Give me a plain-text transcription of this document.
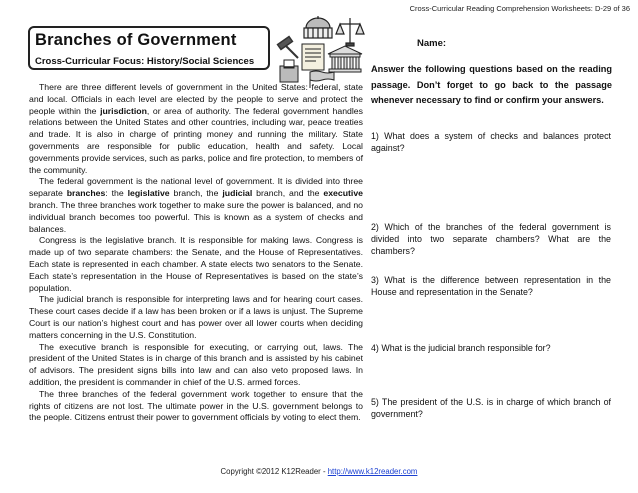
Cross-Curricular Reading Comprehension Worksheets: D-29 of 36
Branches of Government
Cross-Curricular Focus: History/Social Sciences

There are three different levels of government in the United States: federal, state and local. Officials in each level are elected by the people to serve and protect the people within the jurisdiction, or area of authority. The federal government handles relations between the United States and other countries, including war, peace treaties and trade. It is also in charge of printing money and running the military. State governments are responsible for public education, health and safety. Local governments provide services, such as parks, police and fire protection, to members of the community.

The federal government is the national level of government. It is divided into three separate branches: the legislative branch, the judicial branch, and the executive branch. The three branches work together to make sure the power is balanced, and no individual branch becomes too powerful. This is known as a system of checks and balances.

Congress is the legislative branch. It is responsible for making laws. Congress is made up of two separate chambers: the Senate, and the House of Representatives. Each state is represented in each chamber. A state elects two senators to the Senate. Each state’s representation in the House of Representatives is based on the state’s population.

The judicial branch is responsible for interpreting laws and for hearing court cases. These court cases decide if a law has been broken or if a laws is unjust. The Supreme Court is our nation’s highest court and has power over all lower courts when deciding matters concerning in the U.S. Constitution.

The executive branch is responsible for executing, or carrying out, laws. The president of the United States is in charge of this branch and is assisted by his cabinet of advisors. The president signs bills into law and can also veto proposed laws. In addition, the president is commander in chief of the U.S. armed forces.

The three branches of the federal government work together to ensure that the rights of citizens are not lost. The ultimate power in the U.S. government belongs to the people. Citizens entrust their power to government officials by voting to elect them.

Name:
Answer the following questions based on the reading passage. Don’t forget to go back to the passage whenever necessary to find or confirm your answers.
1) What does a system of checks and balances protect against?
2) Which of the branches of the federal government is divided into two separate chambers? What are the chambers?
3) What is the difference between representation in the House and representation in the Senate?
4) What is the judicial branch responsible for?
5) The president of the U.S. is in charge of which branch of government?
Copyright ©2012 K12Reader - http://www.k12reader.com
